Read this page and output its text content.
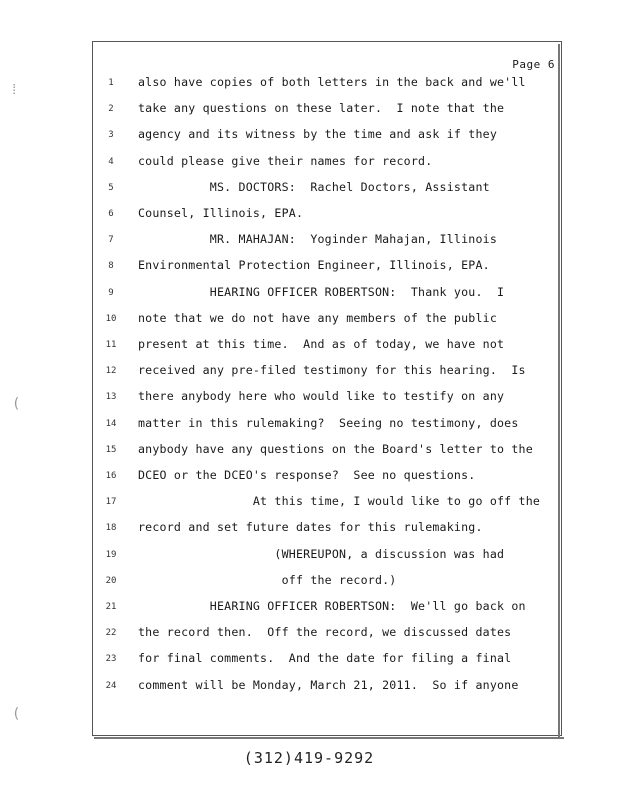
⁞
(
(
Page 6
1	also have copies of both letters in the back and we'll
2	take any questions on these later.  I note that the
3	agency and its witness by the time and ask if they
4	could please give their names for record.
5	MS. DOCTORS:  Rachel Doctors, Assistant
6	Counsel, Illinois, EPA.
7	MR. MAHAJAN:  Yoginder Mahajan, Illinois
8	Environmental Protection Engineer, Illinois, EPA.
9	HEARING OFFICER ROBERTSON:  Thank you.  I
10	note that we do not have any members of the public
11	present at this time.  And as of today, we have not
12	received any pre-filed testimony for this hearing.  Is
13	there anybody here who would like to testify on any
14	matter in this rulemaking?  Seeing no testimony, does
15	anybody have any questions on the Board's letter to the
16	DCEO or the DCEO's response?  See no questions.
17	At this time, I would like to go off the
18	record and set future dates for this rulemaking.
19	(WHEREUPON, a discussion was had
20	off the record.)
21	HEARING OFFICER ROBERTSON:  We'll go back on
22	the record then.  Off the record, we discussed dates
23	for final comments.  And the date for filing a final
24	comment will be Monday, March 21, 2011.  So if anyone
(312)419-9292
